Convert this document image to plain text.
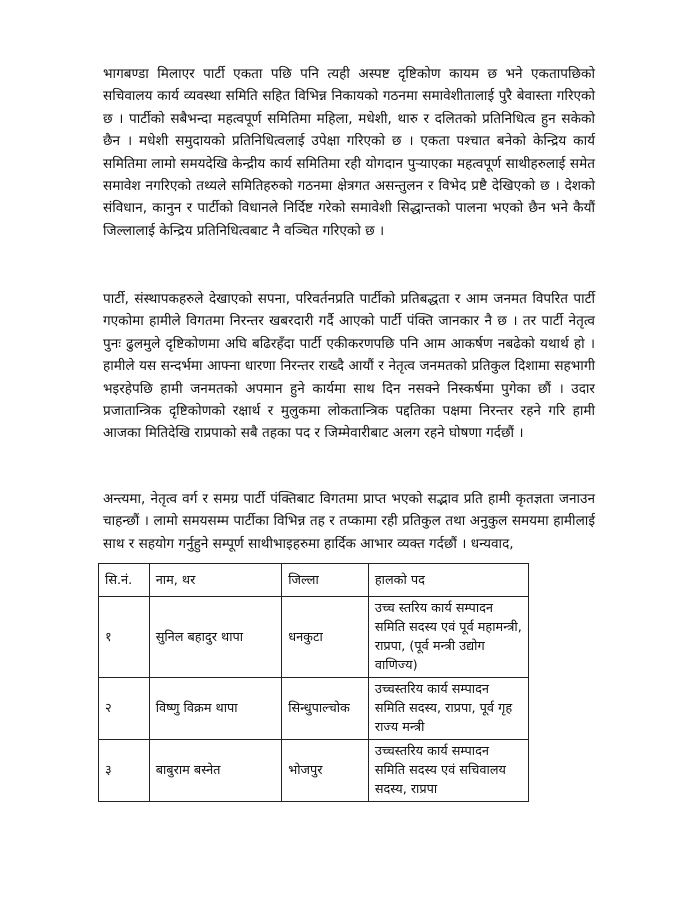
भागबण्डा मिलाएर पार्टी एकता पछि पनि त्यही अस्पष्ट दृष्टिकोण कायम छ भने एकतापछिको सचिवालय कार्य व्यवस्था समिति सहित विभिन्न निकायको गठनमा समावेशीतालाई पुरै बेवास्ता गरिएको छ । पार्टीको सबैभन्दा महत्वपूर्ण समितिमा महिला, मधेशी, थारु र दलितको प्रतिनिधित्व हुन सकेको छैन । मधेशी समुदायको प्रतिनिधित्वलाई उपेक्षा गरिएको छ । एकता पश्चात बनेको केन्द्रिय कार्य समितिमा लामो समयदेखि केन्द्रीय कार्य समितिमा रही योगदान पुऱ्याएका महत्वपूर्ण साथीहरुलाई समेत समावेश नगरिएको तथ्यले समितिहरुको गठनमा क्षेत्रगत असन्तुलन र विभेद प्रष्टै देखिएको छ । देशको संविधान, कानुन र पार्टीको विधानले निर्दिष्ट गरेको समावेशी सिद्धान्तको पालना भएको छैन भने कैयौं जिल्लालाई केन्द्रिय प्रतिनिधित्वबाट नै वञ्चित गरिएको छ ।

पार्टी, संस्थापकहरुले देखाएको सपना, परिवर्तनप्रति पार्टीको प्रतिबद्धता र आम जनमत विपरित पार्टी गएकोमा हामीले विगतमा निरन्तर खबरदारी गर्दै आएको पार्टी पंक्ति जानकार नै छ । तर पार्टी नेतृत्व पुनः ढुलमुले दृष्टिकोणमा अघि बढिरहँदा पार्टी एकीकरणपछि पनि आम आकर्षण नबढेको यथार्थ हो । हामीले यस सन्दर्भमा आफ्ना धारणा निरन्तर राख्दै आयौं र नेतृत्व जनमतको प्रतिकुल दिशामा सहभागी भइरहेपछि हामी जनमतको अपमान हुने कार्यमा साथ दिन नसक्ने निस्कर्षमा पुगेका छौं । उदार प्रजातान्त्रिक दृष्टिकोणको रक्षार्थ र मुलुकमा लोकतान्त्रिक पद्दतिका पक्षमा निरन्तर रहने गरि हामी आजका मितिदेखि राप्रपाको सबै तहका पद र जिम्मेवारीबाट अलग रहने घोषणा गर्दछौं ।

अन्त्यमा, नेतृत्व वर्ग र समग्र पार्टी पंक्तिबाट विगतमा प्राप्त भएको सद्भाव प्रति हामी कृतज्ञता जनाउन चाहन्छौं । लामो समयसम्म पार्टीका विभिन्न तह र तप्कामा रही प्रतिकुल तथा अनुकुल समयमा हामीलाई साथ र सहयोग गर्नुहुने सम्पूर्ण साथीभाइहरुमा हार्दिक आभार व्यक्त गर्दछौं । धन्यवाद,

सि.नं.	नाम, थर	जिल्ला	हालको पद
१	सुनिल बहादुर थापा	धनकुटा	उच्च स्तरिय कार्य सम्पादन समिति सदस्य एवं पूर्व महामन्त्री, राप्रपा, (पूर्व मन्त्री उद्योग वाणिज्य)
२	विष्णु विक्रम थापा	सिन्धुपाल्चोक	उच्चस्तरिय कार्य सम्पादन समिति सदस्य, राप्रपा, पूर्व गृह राज्य मन्त्री
३	बाबुराम बस्नेत	भोजपुर	उच्चस्तरिय कार्य सम्पादन समिति सदस्य एवं सचिवालय सदस्य, राप्रपा
